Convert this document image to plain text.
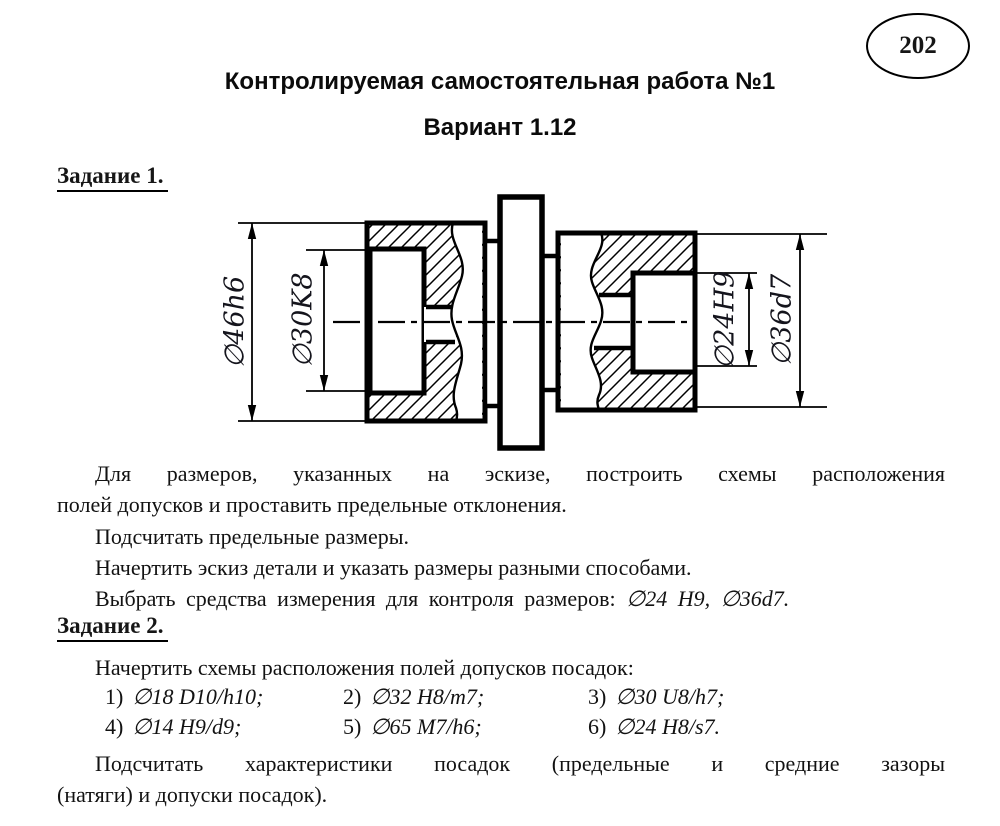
202
Контролируемая самостоятельная работа №1
Вариант 1.12
Задание 1.
∅46h6 ∅30K8	∅24H9 ∅36d7
Для размеров, указанных на эскизе, построить схемы расположения
полей допусков и проставить предельные отклонения.
Подсчитать предельные размеры.
Начертить эскиз детали и указать размеры разными способами.
Выбрать средства измерения для контроля размеров: ∅24 H9, ∅36d7.
Задание 2.
Начертить схемы расположения полей допусков посадок:
1) ∅18 D10/h10;	2) ∅32 H8/m7;	3) ∅30 U8/h7;
4) ∅14 H9/d9;	5) ∅65 M7/h6;	6) ∅24 H8/s7.
Подсчитать характеристики посадок (предельные и средние зазоры
(натяги) и допуски посадок).
